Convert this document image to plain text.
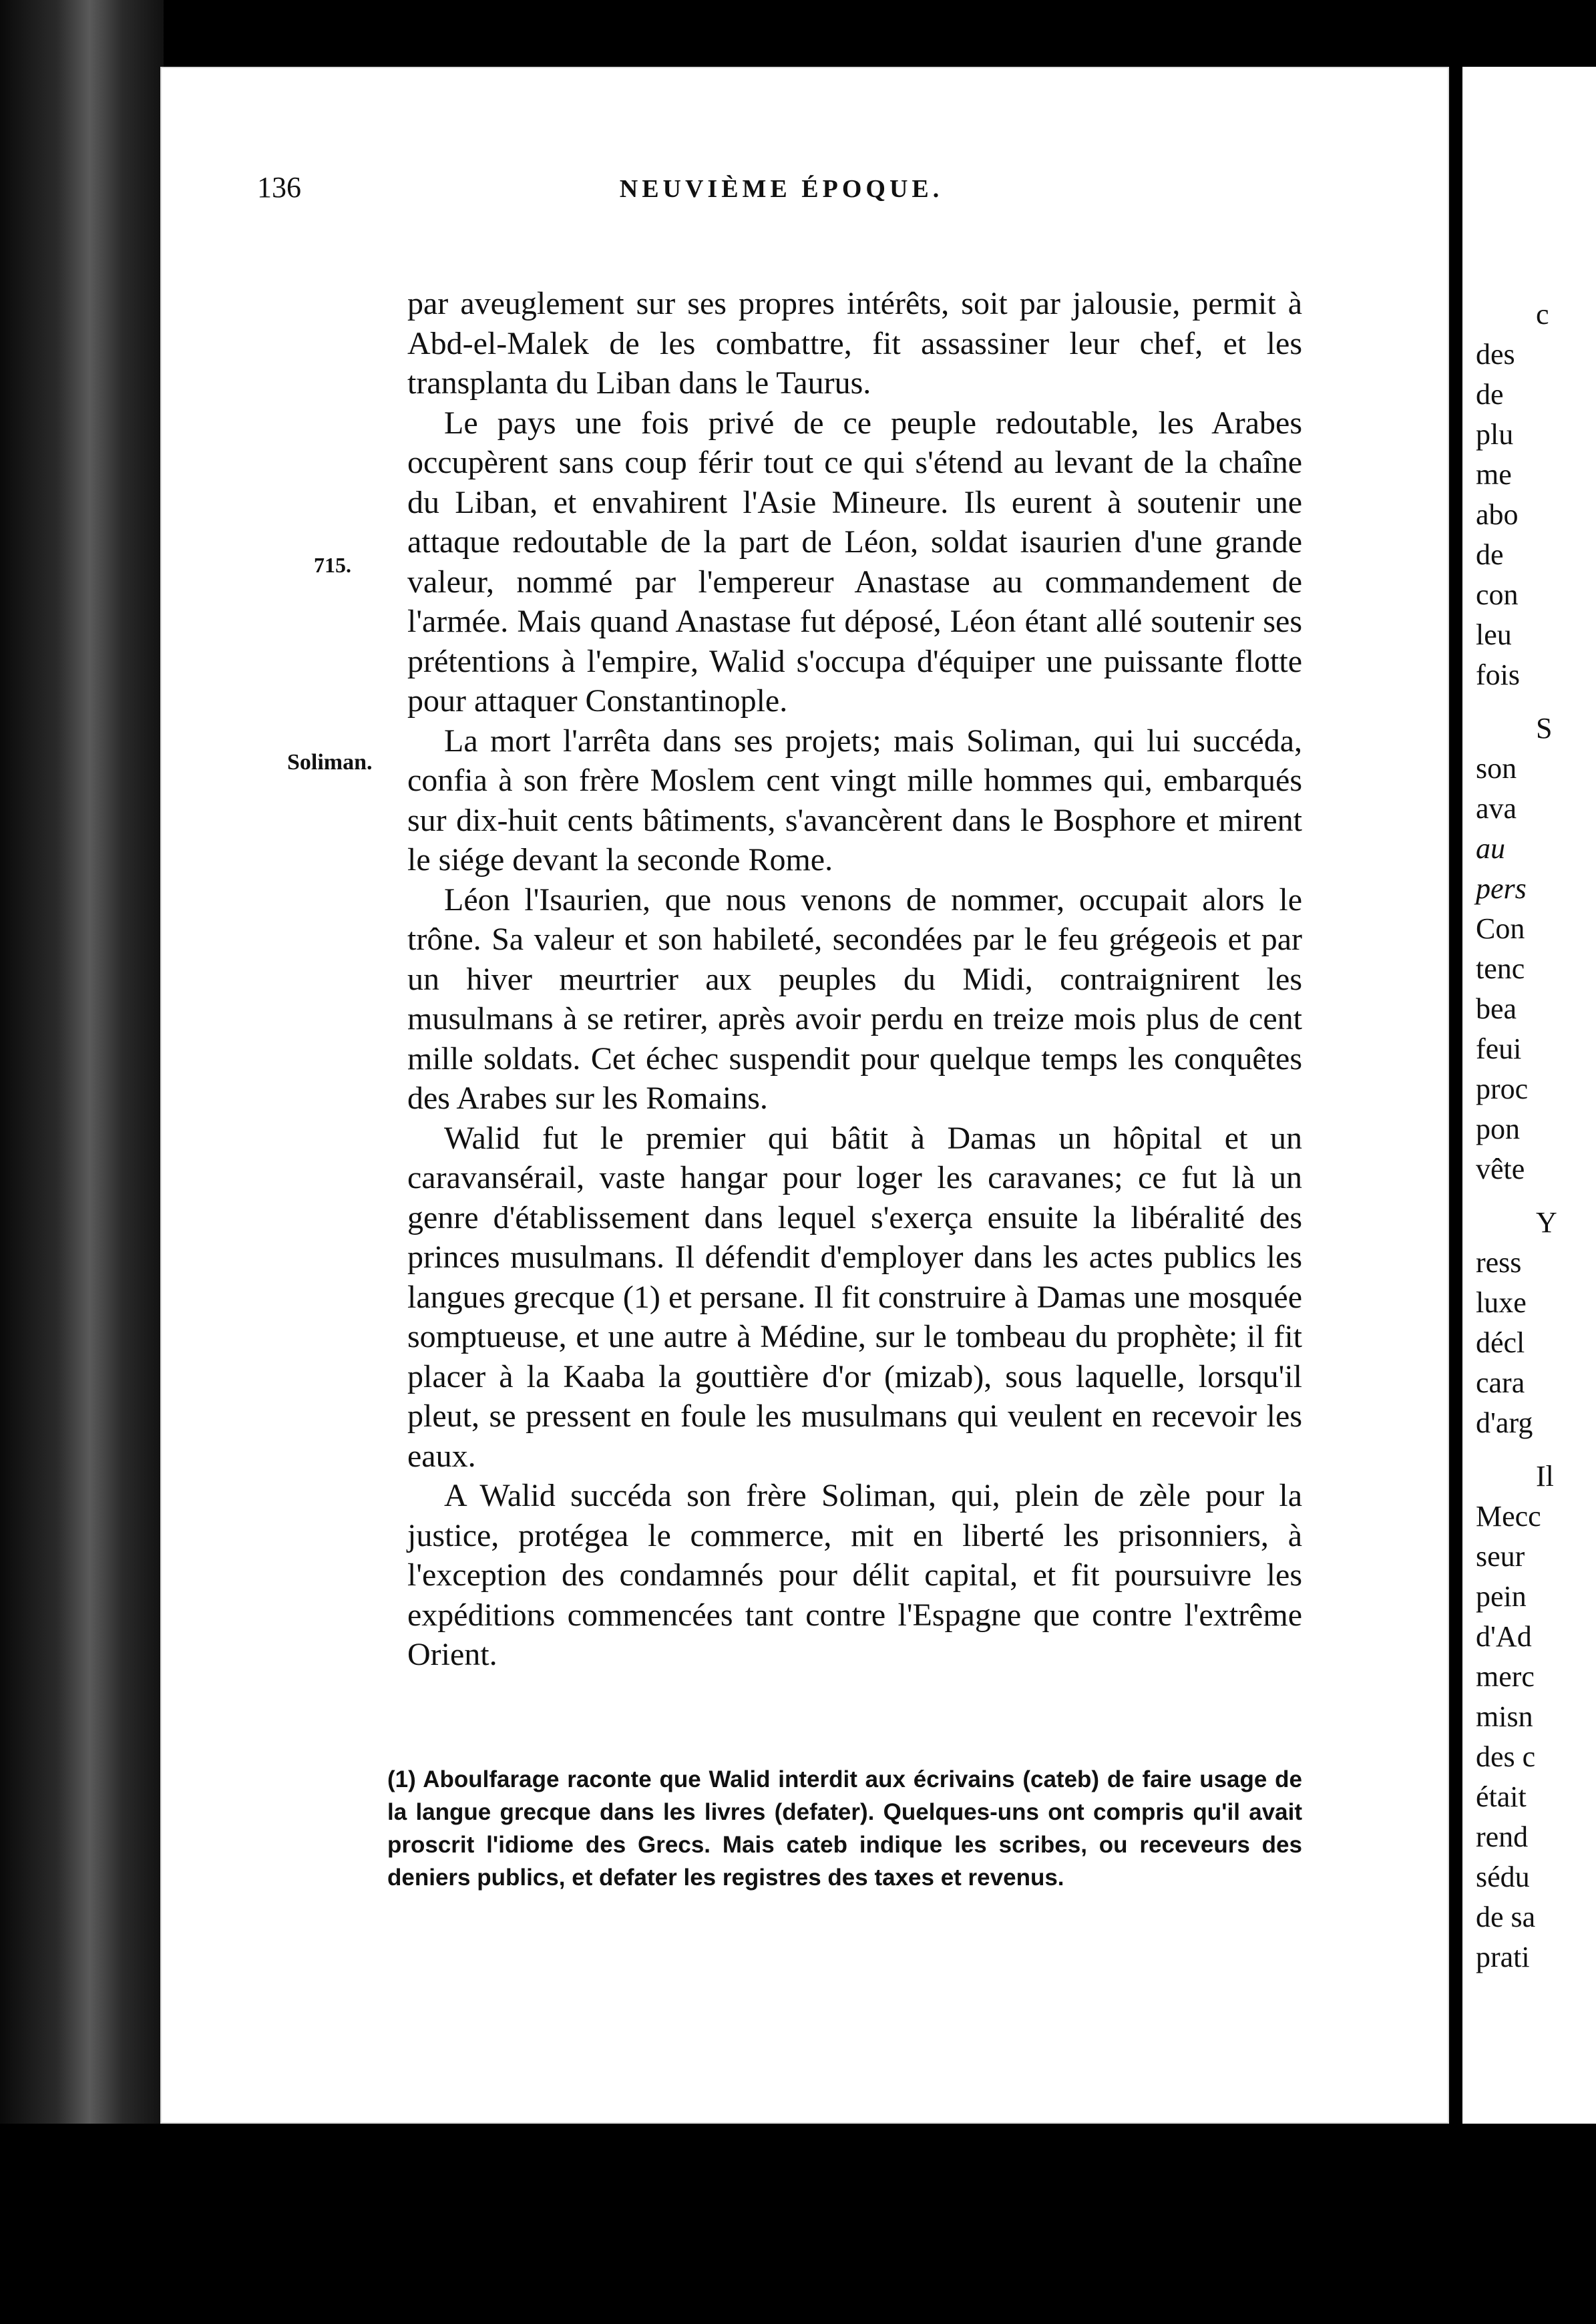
c
des
de
plu
me
abo
de
con
leu
fois
S
son
ava
au
pers
Con
tenc
bea
feui
proc
pon
vête
Y
ress
luxe
décl
cara
d'arg
Il
Mecc
seur
pein
d'Ad
merc
misn
des c
était
rend
sédu
de sa
prati
136	NEUVIÈME ÉPOQUE.
715.
Soliman.

par aveuglement sur ses propres intérêts, soit par jalousie, permit à Abd-el-Malek de les combattre, fit assassiner leur chef, et les transplanta du Liban dans le Taurus.

Le pays une fois privé de ce peuple redoutable, les Arabes occupèrent sans coup férir tout ce qui s'étend au levant de la chaîne du Liban, et envahirent l'Asie Mineure. Ils eurent à soutenir une attaque redoutable de la part de Léon, soldat isaurien d'une grande valeur, nommé par l'empereur Anastase au commandement de l'armée. Mais quand Anastase fut déposé, Léon étant allé soutenir ses prétentions à l'empire, Walid s'occupa d'équiper une puissante flotte pour attaquer Constantinople.

La mort l'arrêta dans ses projets; mais Soliman, qui lui succéda, confia à son frère Moslem cent vingt mille hommes qui, embarqués sur dix-huit cents bâtiments, s'avancèrent dans le Bosphore et mirent le siége devant la seconde Rome.

Léon l'Isaurien, que nous venons de nommer, occupait alors le trône. Sa valeur et son habileté, secondées par le feu grégeois et par un hiver meurtrier aux peuples du Midi, contraignirent les musulmans à se retirer, après avoir perdu en treize mois plus de cent mille soldats. Cet échec suspendit pour quelque temps les conquêtes des Arabes sur les Romains.

Walid fut le premier qui bâtit à Damas un hôpital et un caravansérail, vaste hangar pour loger les caravanes; ce fut là un genre d'établissement dans lequel s'exerça ensuite la libéralité des princes musulmans. Il défendit d'employer dans les actes publics les langues grecque (1) et persane. Il fit construire à Damas une mosquée somptueuse, et une autre à Médine, sur le tombeau du prophète; il fit placer à la Kaaba la gouttière d'or (mizab), sous laquelle, lorsqu'il pleut, se pressent en foule les musulmans qui veulent en recevoir les eaux.

A Walid succéda son frère Soliman, qui, plein de zèle pour la justice, protégea le commerce, mit en liberté les prisonniers, à l'exception des condamnés pour délit capital, et fit poursuivre les expéditions commencées tant contre l'Espagne que contre l'extrême Orient.

(1) Aboulfarage raconte que Walid interdit aux écrivains (cateb) de faire usage de la langue grecque dans les livres (defater). Quelques-uns ont compris qu'il avait proscrit l'idiome des Grecs. Mais cateb indique les scribes, ou receveurs des deniers publics, et defater les registres des taxes et revenus.
